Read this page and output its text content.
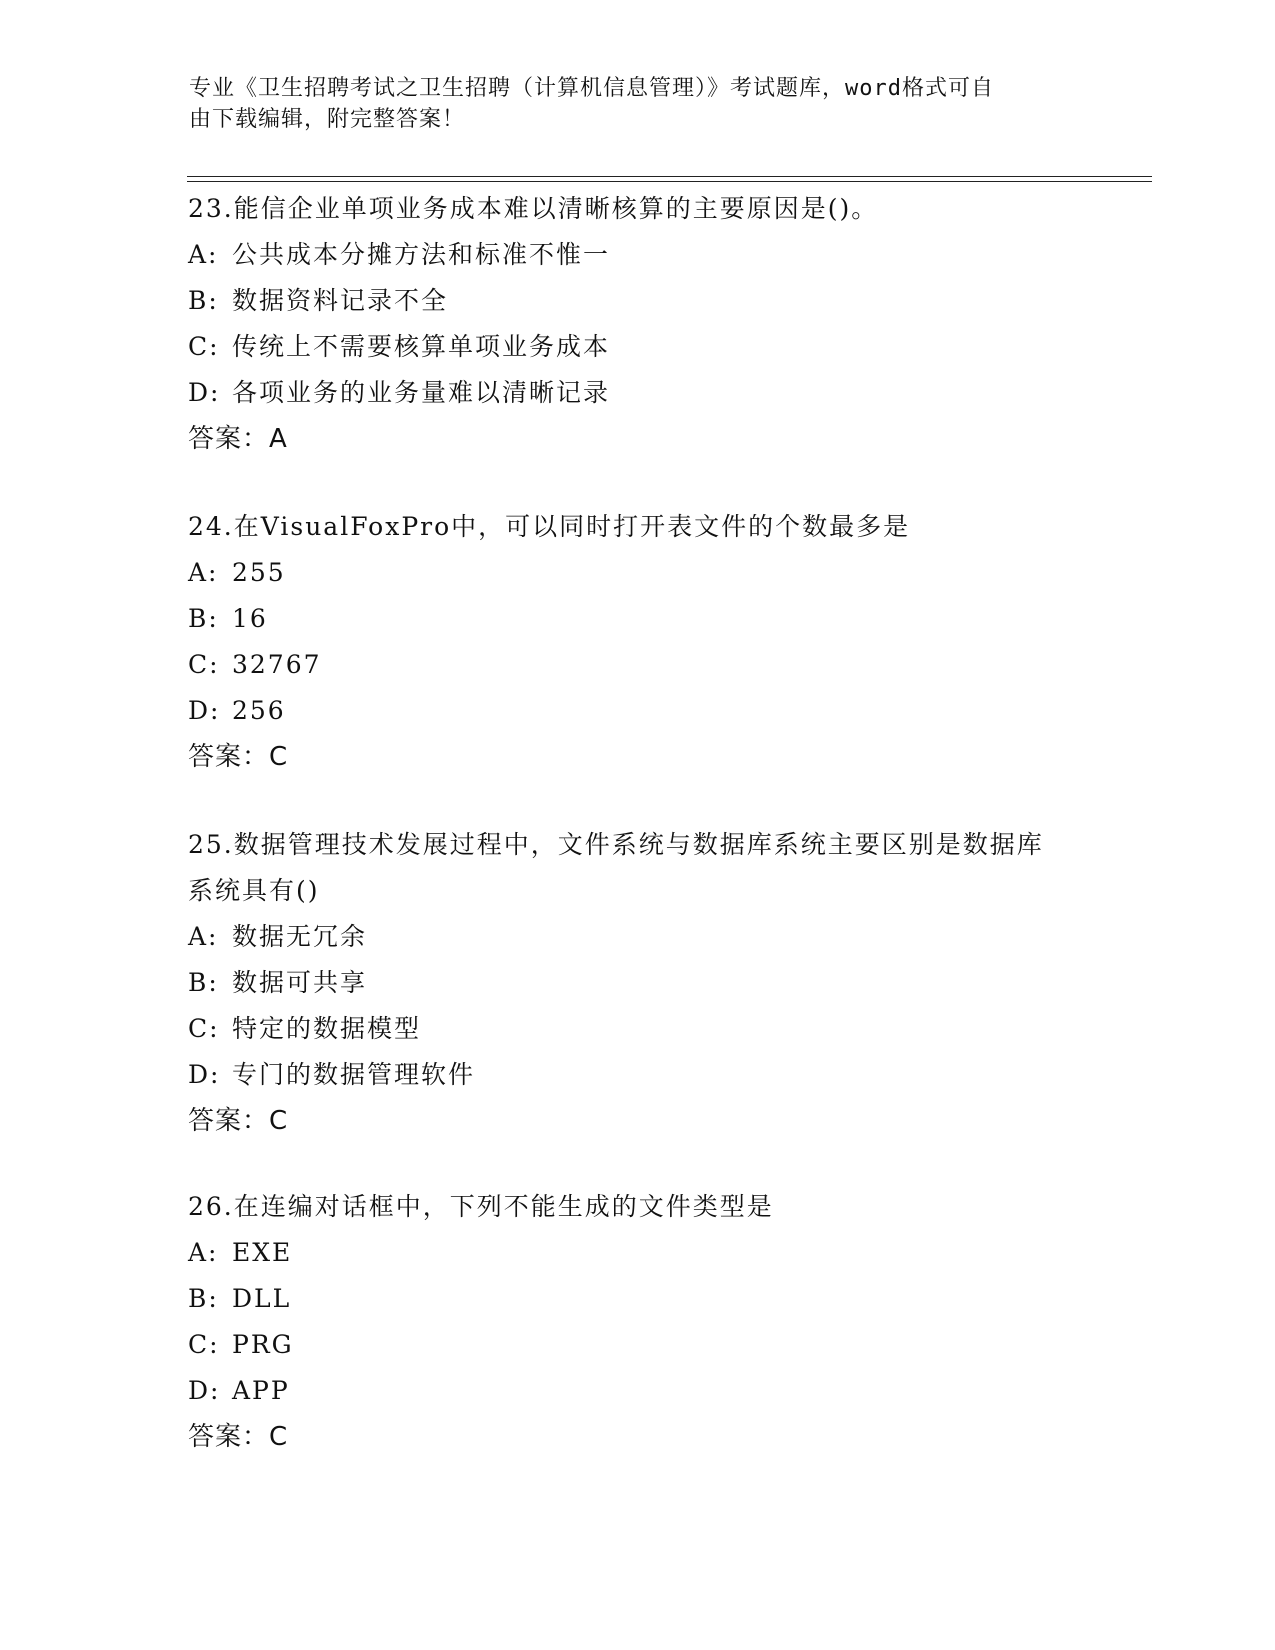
专业《卫生招聘考试之卫生招聘（计算机信息管理）》考试题库，word格式可自

由下载编辑，附完整答案！

23.能信企业单项业务成本难以清晰核算的主要原因是()。

A: 公共成本分摊方法和标准不惟一

B: 数据资料记录不全

C: 传统上不需要核算单项业务成本

D: 各项业务的业务量难以清晰记录

答案：A

24.在VisualFoxPro中，可以同时打开表文件的个数最多是

A: 255

B: 16

C: 32767

D: 256

答案：C

25.数据管理技术发展过程中，文件系统与数据库系统主要区别是数据库系统具有()

A: 数据无冗余

B: 数据可共享

C: 特定的数据模型

D: 专门的数据管理软件

答案：C

26.在连编对话框中，下列不能生成的文件类型是

A: EXE

B: DLL

C: PRG

D: APP

答案：C
